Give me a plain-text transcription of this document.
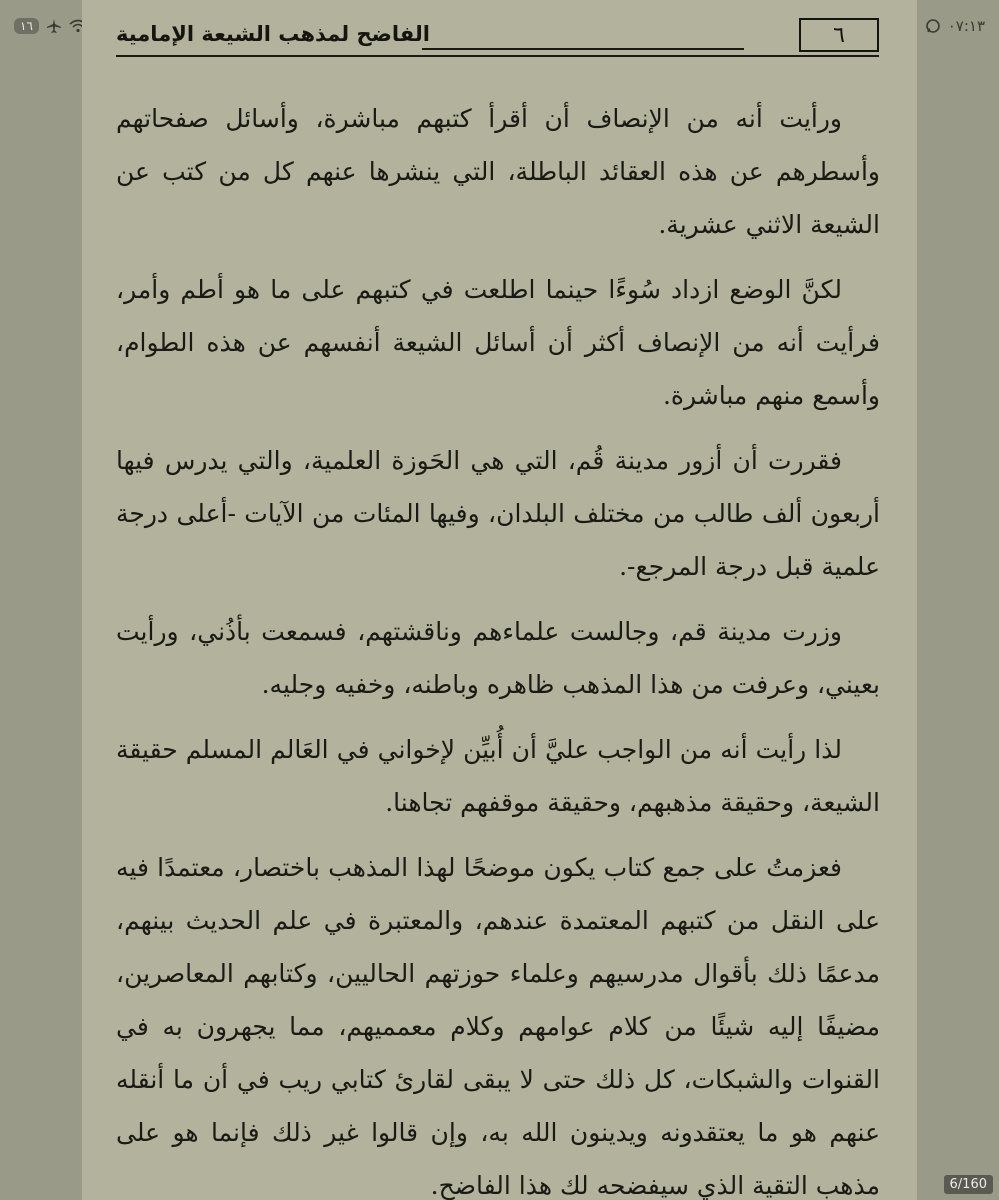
١٦	٠٧:١٣
الفاضح لمذهب الشيعة الإمامية	٦

ورأيت أنه من الإنصاف أن أقرأ كتبهم مباشرة، وأسائل صفحاتهم وأسطرهم عن هذه العقائد الباطلة، التي ينشرها عنهم كل من كتب عن الشيعة الاثني عشرية.

لكنَّ الوضع ازداد سُوءًا حينما اطلعت في كتبهم على ما هو أطم وأمر، فرأيت أنه من الإنصاف أكثر أن أسائل الشيعة أنفسهم عن هذه الطوام، وأسمع منهم مباشرة.

فقررت أن أزور مدينة قُم، التي هي الحَوزة العلمية، والتي يدرس فيها أربعون ألف طالب من مختلف البلدان، وفيها المئات من الآيات -أعلى درجة علمية قبل درجة المرجع-.

وزرت مدينة قم، وجالست علماءهم وناقشتهم، فسمعت بأذُني، ورأيت بعيني، وعرفت من هذا المذهب ظاهره وباطنه، وخفيه وجليه.

لذا رأيت أنه من الواجب عليَّ أن أُبيِّن لإخواني في العَالم المسلم حقيقة الشيعة، وحقيقة مذهبهم، وحقيقة موقفهم تجاهنا.

فعزمتُ على جمع كتاب يكون موضحًا لهذا المذهب باختصار، معتمدًا فيه على النقل من كتبهم المعتمدة عندهم، والمعتبرة في علم الحديث بينهم، مدعمًا ذلك بأقوال مدرسيهم وعلماء حوزتهم الحاليين، وكتابهم المعاصرين، مضيفًا إليه شيئًا من كلام عوامهم وكلام معمميهم، مما يجهرون به في القنوات والشبكات، كل ذلك حتى لا يبقى لقارئ كتابي ريب في أن ما أنقله عنهم هو ما يعتقدونه ويدينون الله به، وإن قالوا غير ذلك فإنما هو على مذهب التقية الذي سيفضحه لك هذا الفاضح.	6/160
